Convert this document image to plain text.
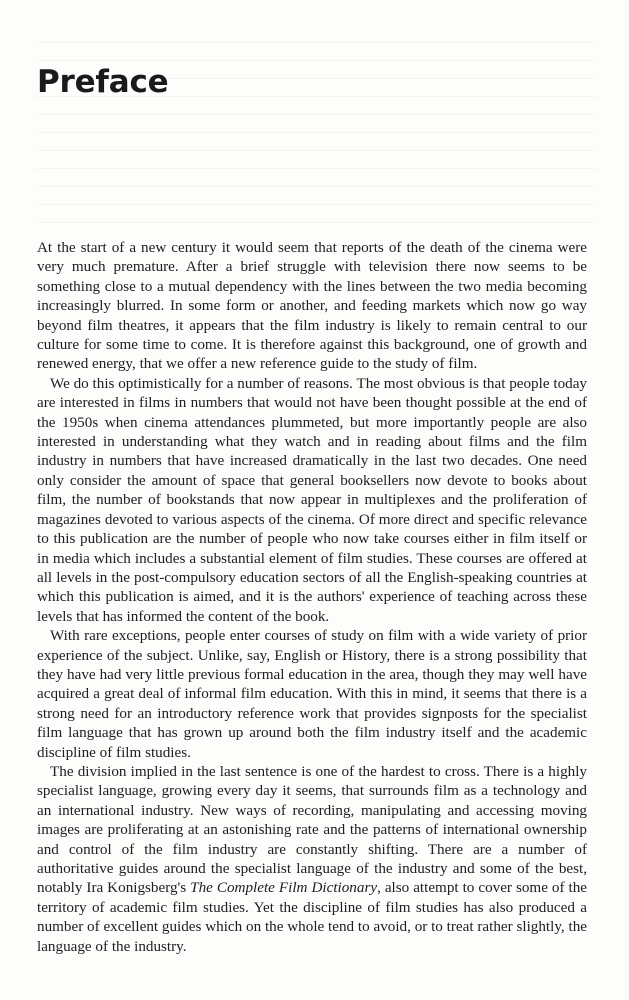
Preface

At the start of a new century it would seem that reports of the death of the cinema were very much premature. After a brief struggle with television there now seems to be something close to a mutual dependency with the lines between the two media becoming increasingly blurred. In some form or another, and feeding markets which now go way beyond film theatres, it appears that the film industry is likely to remain central to our culture for some time to come. It is therefore against this background, one of growth and renewed energy, that we offer a new reference guide to the study of film.

We do this optimistically for a number of reasons. The most obvious is that people today are interested in films in numbers that would not have been thought possible at the end of the 1950s when cinema attendances plummeted, but more importantly people are also interested in understanding what they watch and in reading about films and the film industry in numbers that have increased dramatically in the last two decades. One need only consider the amount of space that general booksellers now devote to books about film, the number of bookstands that now appear in multiplexes and the proliferation of magazines devoted to various aspects of the cinema. Of more direct and specific relevance to this publication are the number of people who now take courses either in film itself or in media which includes a substantial element of film studies. These courses are offered at all levels in the post-compulsory education sectors of all the English-speaking countries at which this publication is aimed, and it is the authors' experience of teaching across these levels that has informed the content of the book.

With rare exceptions, people enter courses of study on film with a wide variety of prior experience of the subject. Unlike, say, English or History, there is a strong possibility that they have had very little previous formal education in the area, though they may well have acquired a great deal of informal film education. With this in mind, it seems that there is a strong need for an introductory reference work that provides signposts for the specialist film language that has grown up around both the film industry itself and the academic discipline of film studies.

The division implied in the last sentence is one of the hardest to cross. There is a highly specialist language, growing every day it seems, that surrounds film as a technology and an international industry. New ways of recording, manipulating and accessing moving images are proliferating at an astonishing rate and the patterns of international ownership and control of the film industry are constantly shifting. There are a number of authoritative guides around the specialist language of the industry and some of the best, notably Ira Konigsberg's The Complete Film Dictionary, also attempt to cover some of the territory of academic film studies. Yet the discipline of film studies has also produced a number of excellent guides which on the whole tend to avoid, or to treat rather slightly, the language of the industry.
